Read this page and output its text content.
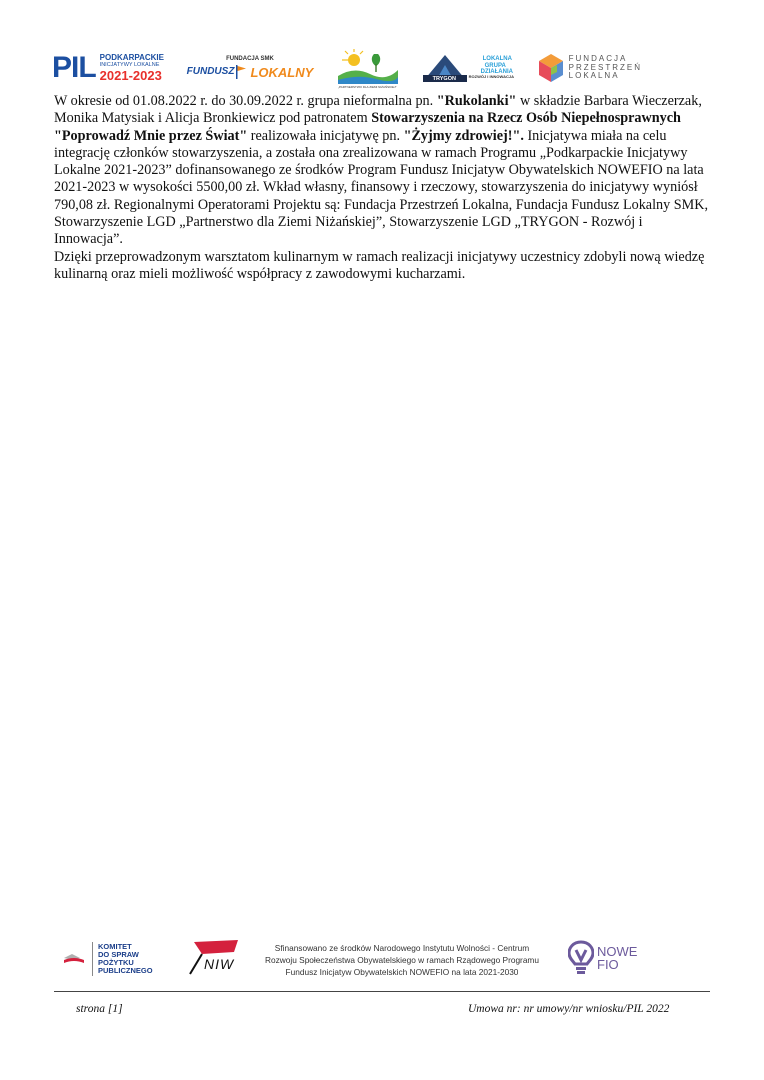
PIL PODKARPACKIE
INICJATYWY LOKALNE
2021-2023
FUNDACJA SMK
FUNDUSZ LOKALNY
„PARTNERSTWO DLA ZIEMI NIŻAŃSKIEJ”
TRYGON
LOKALNA
GRUPA
DZIAŁANIA
ROZWÓJ I INNOWACJA
FUNDACJA
PRZESTRZEŃ
LOKALNA

W okresie od 01.08.2022 r. do 30.09.2022 r. grupa nieformalna pn. "Rukolanki" w składzie Barbara Wieczerzak, Monika Matysiak i Alicja Bronkiewicz pod patronatem Stowarzyszenia na Rzecz Osób Niepełnosprawnych "Poprowadź Mnie przez Świat" realizowała inicjatywę pn. "Żyjmy zdrowiej!". Inicjatywa miała na celu integrację członków stowarzyszenia, a została ona zrealizowana w ramach Programu „Podkarpackie Inicjatywy Lokalne 2021-2023” dofinansowanego ze środków Program Fundusz Inicjatyw Obywatelskich NOWEFIO na lata 2021-2023 w wysokości 5500,00 zł. Wkład własny, finansowy i rzeczowy, stowarzyszenia do inicjatywy wyniósł 790,08 zł. Regionalnymi Operatorami Projektu są: Fundacja Przestrzeń Lokalna, Fundacja Fundusz Lokalny SMK, Stowarzyszenie LGD „Partnerstwo dla Ziemi Niżańskiej”, Stowarzyszenie LGD „TRYGON - Rozwój i Innowacja”.
Dzięki przeprowadzonym warsztatom kulinarnym w ramach realizacji inicjatywy uczestnicy zdobyli nową wiedzę kulinarną oraz mieli możliwość współpracy z zawodowymi kucharzami.

KOMITET
DO SPRAW
POŻYTKU
PUBLICZNEGO	NIW
Sfinansowano ze środków Narodowego Instytutu Wolności - Centrum
Rozwoju Społeczeństwa Obywatelskiego w ramach Rządowego Programu
Fundusz Inicjatyw Obywatelskich NOWEFIO na lata 2021-2030
NOWE
FIO
strona [1]	Umowa nr: nr umowy/nr wniosku/PIL 2022
